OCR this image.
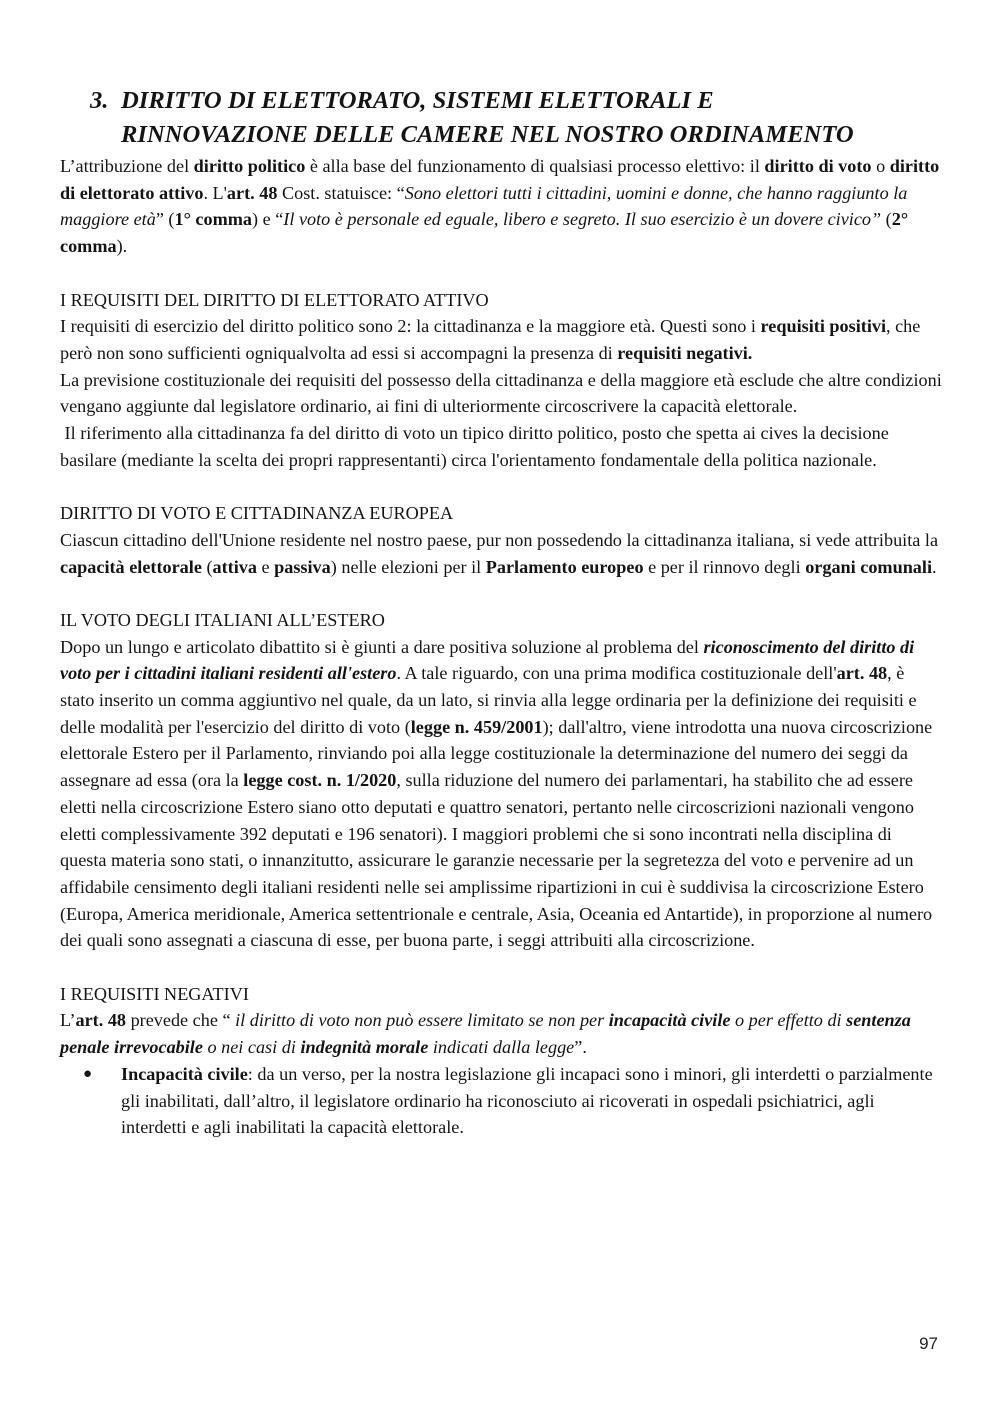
3. DIRITTO DI ELETTORATO, SISTEMI ELETTORALI E
RINNOVAZIONE DELLE CAMERE NEL NOSTRO ORDINAMENTO

L’attribuzione del diritto politico è alla base del funzionamento di qualsiasi processo elettivo: il diritto di voto o diritto di elettorato attivo. L'art. 48 Cost. statuisce: “Sono elettori tutti i cittadini, uomini e donne, che hanno raggiunto la maggiore età” (1° comma) e “Il voto è personale ed eguale, libero e segreto. Il suo esercizio è un dovere civico” (2° comma).

I REQUISITI DEL DIRITTO DI ELETTORATO ATTIVO

I requisiti di esercizio del diritto politico sono 2: la cittadinanza e la maggiore età. Questi sono i requisiti positivi, che però non sono sufficienti ogniqualvolta ad essi si accompagni la presenza di requisiti negativi.

La previsione costituzionale dei requisiti del possesso della cittadinanza e della maggiore età esclude che altre condizioni vengano aggiunte dal legislatore ordinario, ai fini di ulteriormente circoscrivere la capacità elettorale.

Il riferimento alla cittadinanza fa del diritto di voto un tipico diritto politico, posto che spetta ai cives la decisione basilare (mediante la scelta dei propri rappresentanti) circa l'orientamento fondamentale della politica nazionale.

DIRITTO DI VOTO E CITTADINANZA EUROPEA

Ciascun cittadino dell'Unione residente nel nostro paese, pur non possedendo la cittadinanza italiana, si vede attribuita la capacità elettorale (attiva e passiva) nelle elezioni per il Parlamento europeo e per il rinnovo degli organi comunali.

IL VOTO DEGLI ITALIANI ALL’ESTERO

Dopo un lungo e articolato dibattito si è giunti a dare positiva soluzione al problema del riconoscimento del diritto di voto per i cittadini italiani residenti all'estero. A tale riguardo, con una prima modifica costituzionale dell'art. 48, è stato inserito un comma aggiuntivo nel quale, da un lato, si rinvia alla legge ordinaria per la definizione dei requisiti e delle modalità per l'esercizio del diritto di voto (legge n. 459/2001); dall'altro, viene introdotta una nuova circoscrizione elettorale Estero per il Parlamento, rinviando poi alla legge costituzionale la determinazione del numero dei seggi da assegnare ad essa (ora la legge cost. n. 1/2020, sulla riduzione del numero dei parlamentari, ha stabilito che ad essere eletti nella circoscrizione Estero siano otto deputati e quattro senatori, pertanto nelle circoscrizioni nazionali vengono eletti complessivamente 392 deputati e 196 senatori). I maggiori problemi che si sono incontrati nella disciplina di questa materia sono stati, o innanzitutto, assicurare le garanzie necessarie per la segretezza del voto e pervenire ad un affidabile censimento degli italiani residenti nelle sei amplissime ripartizioni in cui è suddivisa la circoscrizione Estero (Europa, America meridionale, America settentrionale e centrale, Asia, Oceania ed Antartide), in proporzione al numero dei quali sono assegnati a ciascuna di esse, per buona parte, i seggi attribuiti alla circoscrizione.

I REQUISITI NEGATIVI

L’art. 48 prevede che “ il diritto di voto non può essere limitato se non per incapacità civile o per effetto di sentenza penale irrevocabile o nei casi di indegnità morale indicati dalla legge”.

● Incapacità civile: da un verso, per la nostra legislazione gli incapaci sono i minori, gli interdetti o parzialmente gli inabilitati, dall’altro, il legislatore ordinario ha riconosciuto ai ricoverati in ospedali psichiatrici, agli interdetti e agli inabilitati la capacità elettorale.
97
